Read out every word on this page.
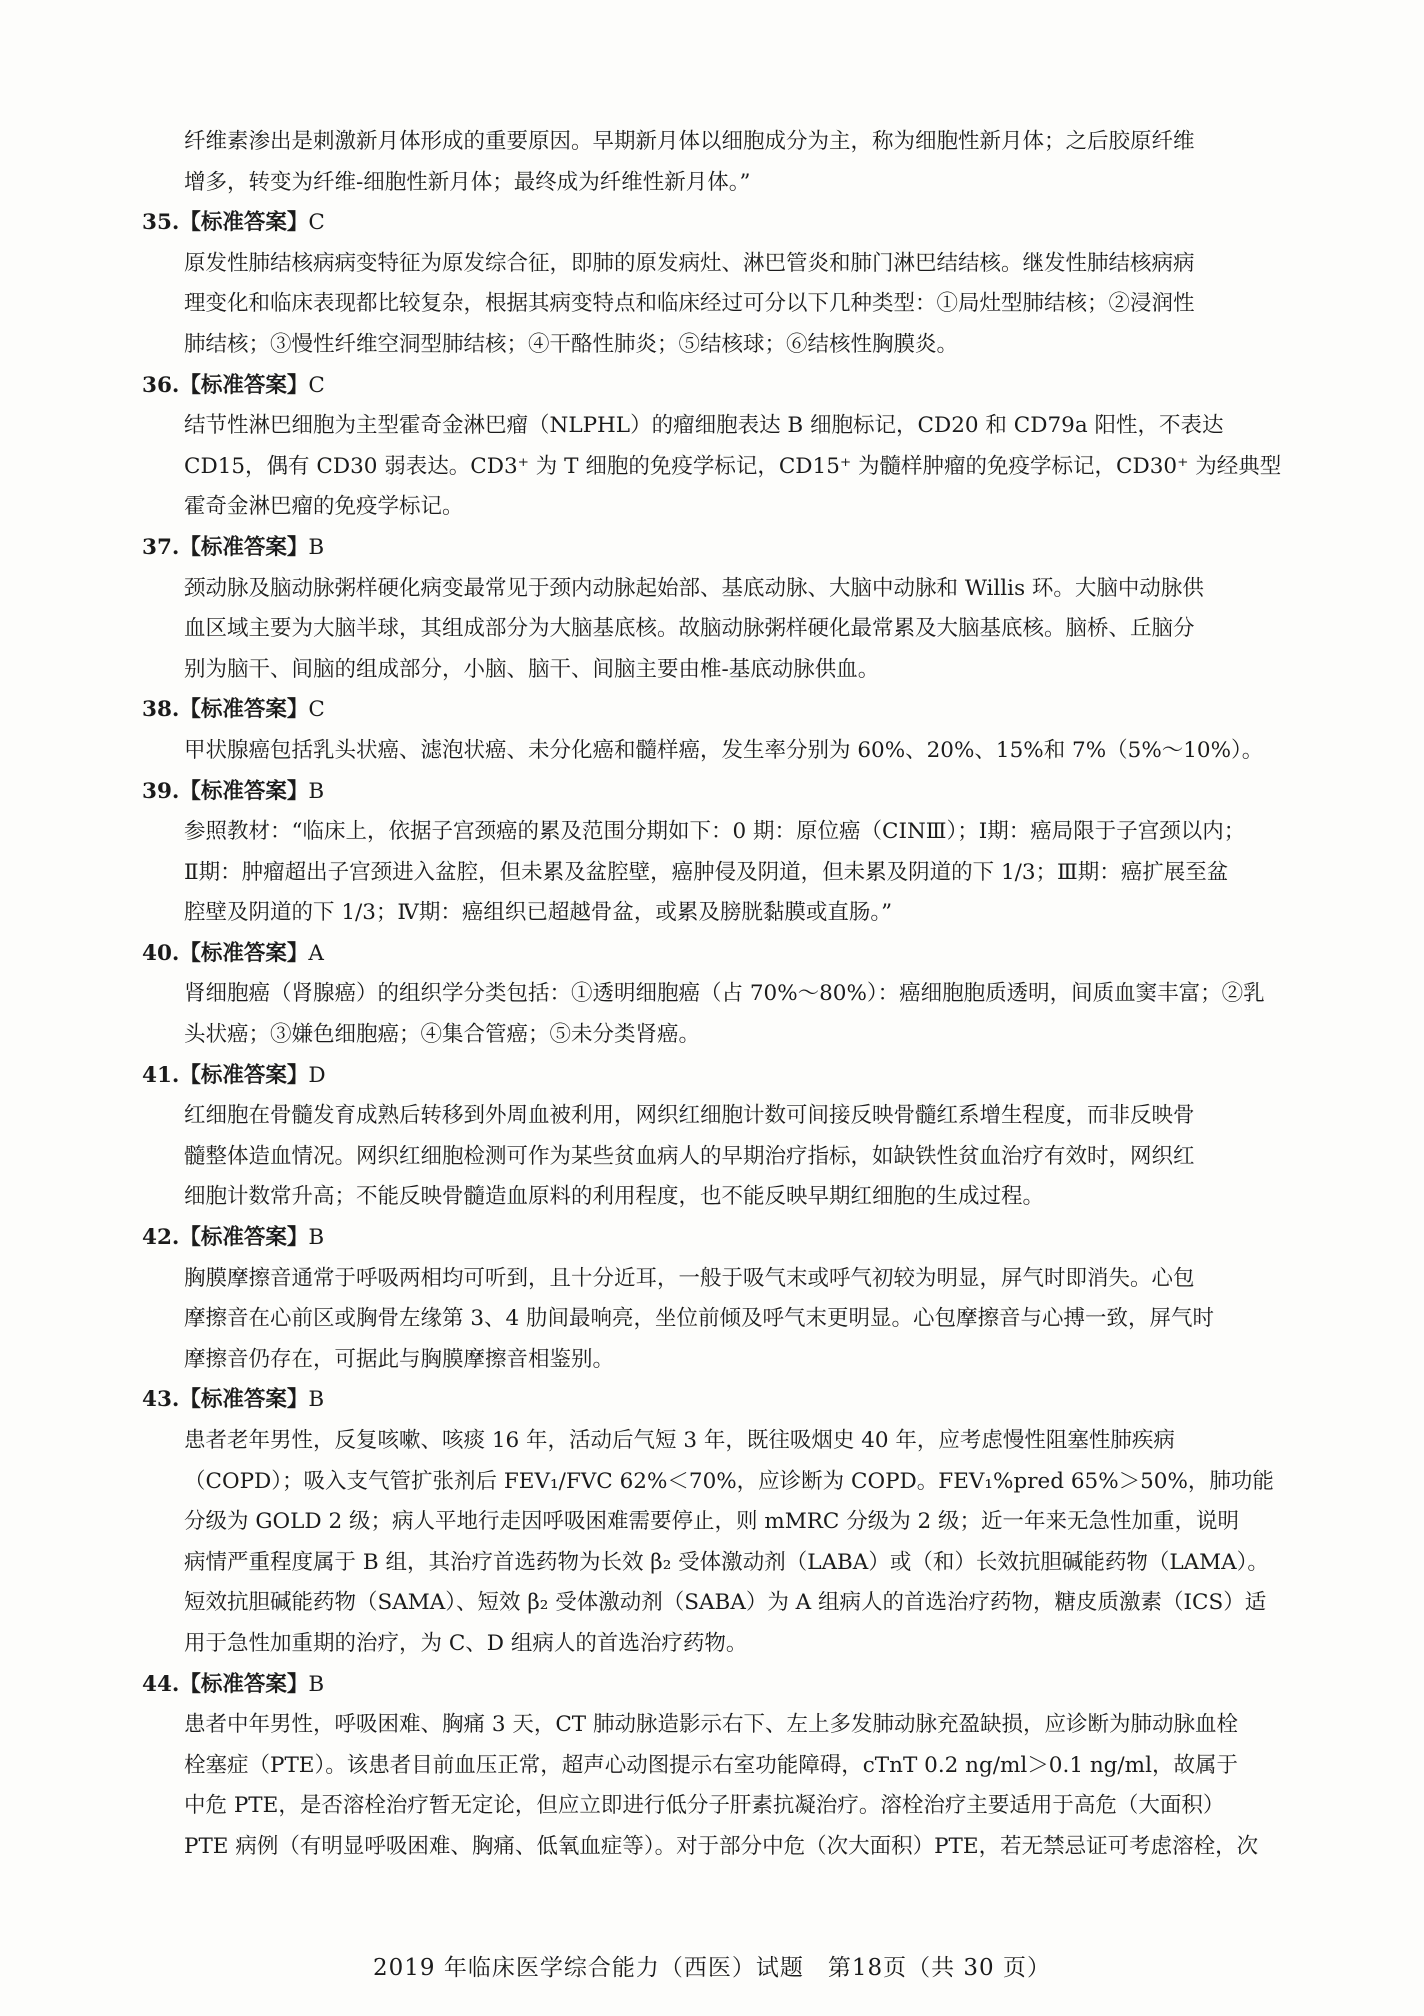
纤维素渗出是刺激新月体形成的重要原因。早期新月体以细胞成分为主，称为细胞性新月体；之后胶原纤维
增多，转变为纤维-细胞性新月体；最终成为纤维性新月体。”
35.【标准答案】C
原发性肺结核病病变特征为原发综合征，即肺的原发病灶、淋巴管炎和肺门淋巴结结核。继发性肺结核病病
理变化和临床表现都比较复杂，根据其病变特点和临床经过可分以下几种类型：①局灶型肺结核；②浸润性
肺结核；③慢性纤维空洞型肺结核；④干酪性肺炎；⑤结核球；⑥结核性胸膜炎。
36.【标准答案】C
结节性淋巴细胞为主型霍奇金淋巴瘤（NLPHL）的瘤细胞表达 B 细胞标记，CD20 和 CD79a 阳性，不表达
CD15，偶有 CD30 弱表达。CD3⁺ 为 T 细胞的免疫学标记，CD15⁺ 为髓样肿瘤的免疫学标记，CD30⁺ 为经典型
霍奇金淋巴瘤的免疫学标记。
37.【标准答案】B
颈动脉及脑动脉粥样硬化病变最常见于颈内动脉起始部、基底动脉、大脑中动脉和 Willis 环。大脑中动脉供
血区域主要为大脑半球，其组成部分为大脑基底核。故脑动脉粥样硬化最常累及大脑基底核。脑桥、丘脑分
别为脑干、间脑的组成部分，小脑、脑干、间脑主要由椎-基底动脉供血。
38.【标准答案】C
甲状腺癌包括乳头状癌、滤泡状癌、未分化癌和髓样癌，发生率分别为 60%、20%、15%和 7%（5%～10%）。
39.【标准答案】B
参照教材：“临床上，依据子宫颈癌的累及范围分期如下：0 期：原位癌（CINⅢ）；Ⅰ期：癌局限于子宫颈以内；
Ⅱ期：肿瘤超出子宫颈进入盆腔，但未累及盆腔壁，癌肿侵及阴道，但未累及阴道的下 1/3；Ⅲ期：癌扩展至盆
腔壁及阴道的下 1/3；Ⅳ期：癌组织已超越骨盆，或累及膀胱黏膜或直肠。”
40.【标准答案】A
肾细胞癌（肾腺癌）的组织学分类包括：①透明细胞癌（占 70%～80%）：癌细胞胞质透明，间质血窦丰富；②乳
头状癌；③嫌色细胞癌；④集合管癌；⑤未分类肾癌。
41.【标准答案】D
红细胞在骨髓发育成熟后转移到外周血被利用，网织红细胞计数可间接反映骨髓红系增生程度，而非反映骨
髓整体造血情况。网织红细胞检测可作为某些贫血病人的早期治疗指标，如缺铁性贫血治疗有效时，网织红
细胞计数常升高；不能反映骨髓造血原料的利用程度，也不能反映早期红细胞的生成过程。
42.【标准答案】B
胸膜摩擦音通常于呼吸两相均可听到，且十分近耳，一般于吸气末或呼气初较为明显，屏气时即消失。心包
摩擦音在心前区或胸骨左缘第 3、4 肋间最响亮，坐位前倾及呼气末更明显。心包摩擦音与心搏一致，屏气时
摩擦音仍存在，可据此与胸膜摩擦音相鉴别。
43.【标准答案】B
患者老年男性，反复咳嗽、咳痰 16 年，活动后气短 3 年，既往吸烟史 40 年，应考虑慢性阻塞性肺疾病
（COPD）；吸入支气管扩张剂后 FEV₁/FVC 62%＜70%，应诊断为 COPD。FEV₁%pred 65%＞50%，肺功能
分级为 GOLD 2 级；病人平地行走因呼吸困难需要停止，则 mMRC 分级为 2 级；近一年来无急性加重，说明
病情严重程度属于 B 组，其治疗首选药物为长效 β₂ 受体激动剂（LABA）或（和）长效抗胆碱能药物（LAMA）。
短效抗胆碱能药物（SAMA）、短效 β₂ 受体激动剂（SABA）为 A 组病人的首选治疗药物，糖皮质激素（ICS）适
用于急性加重期的治疗，为 C、D 组病人的首选治疗药物。
44.【标准答案】B
患者中年男性，呼吸困难、胸痛 3 天，CT 肺动脉造影示右下、左上多发肺动脉充盈缺损，应诊断为肺动脉血栓
栓塞症（PTE）。该患者目前血压正常，超声心动图提示右室功能障碍，cTnT 0.2 ng/ml＞0.1 ng/ml，故属于
中危 PTE，是否溶栓治疗暂无定论，但应立即进行低分子肝素抗凝治疗。溶栓治疗主要适用于高危（大面积）
PTE 病例（有明显呼吸困难、胸痛、低氧血症等）。对于部分中危（次大面积）PTE，若无禁忌证可考虑溶栓，次
2019 年临床医学综合能力（西医）试题　第18页（共 30 页）
